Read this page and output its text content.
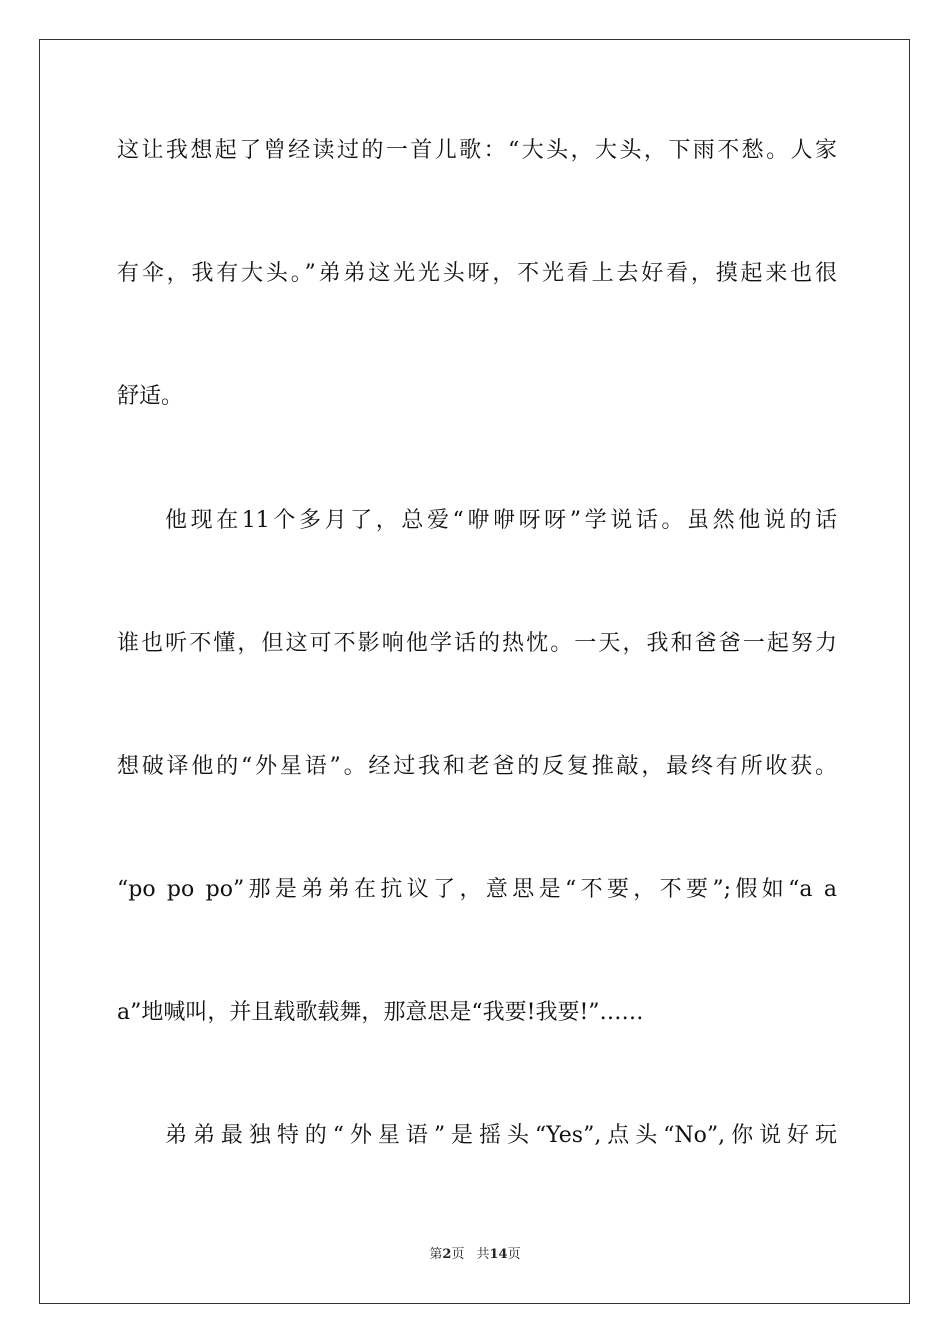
这让我想起了曾经读过的一首儿歌：“大头，大头，下雨不愁。人家
有伞，我有大头。”弟弟这光光头呀，不光看上去好看，摸起来也很
舒适。
他现在11个多月了，总爱“咿咿呀呀”学说话。虽然他说的话
谁也听不懂，但这可不影响他学话的热忱。一天，我和爸爸一起努力
想破译他的“外星语”。经过我和老爸的反复推敲，最终有所收获。
“po po po”那是弟弟在抗议了，意思是“不要，不要”;假如“a a
a”地喊叫，并且载歌载舞，那意思是“我要!我要!”……
弟弟最独特的“外星语”是摇头“Yes”,点头“No”,你说好玩
第2页 共14页
